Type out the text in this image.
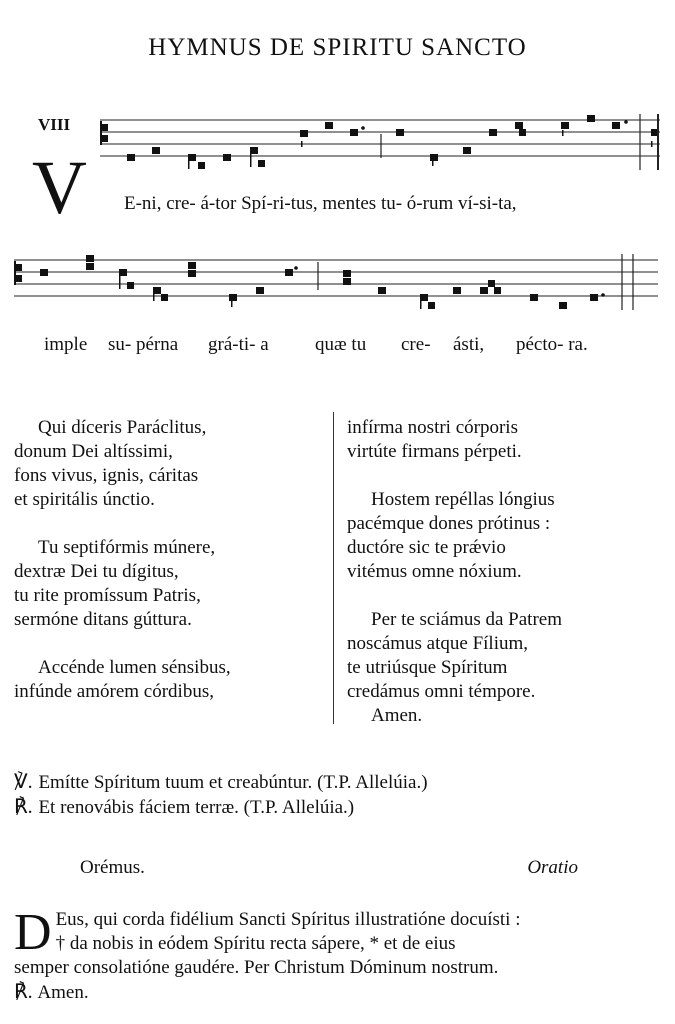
HYMNUS DE SPIRITU SANCTO
VIII
V E-ni, cre- á-tor Spí-ri-tus, mentes tu- ó-rum ví-si-ta,
imple su- pérna grá-ti- a quæ tu cre- ásti, pécto- ra.
Qui díceris Paráclitus,
donum Dei altíssimi,
fons vivus, ignis, cáritas
et spiritális únctio.
Tu septifórmis múnere,
dextræ Dei tu dígitus,
tu rite promíssum Patris,
sermóne ditans gúttura.
Accénde lumen sénsibus,
infúnde amórem córdibus,
infírma nostri córporis
virtúte firmans pérpeti.
Hostem repéllas lóngius
pacémque dones prótinus :
ductóre sic te prǽvio
vitémus omne nóxium.
Per te sciámus da Patrem
noscámus atque Fílium,
te utriúsque Spíritum
credámus omni témpore.
Amen.
℣. Emítte Spíritum tuum et creabúntur. (T.P. Allelúia.)
℟. Et renovábis fáciem terræ. (T.P. Allelúia.)
Orémus.	Oratio
D Eus, qui corda fidélium Sancti Spíritus illustratióne docuísti :
† da nobis in eódem Spíritu recta sápere, * et de eius
semper consolatióne gaudére. Per Christum Dóminum nostrum.
℟. Amen.
